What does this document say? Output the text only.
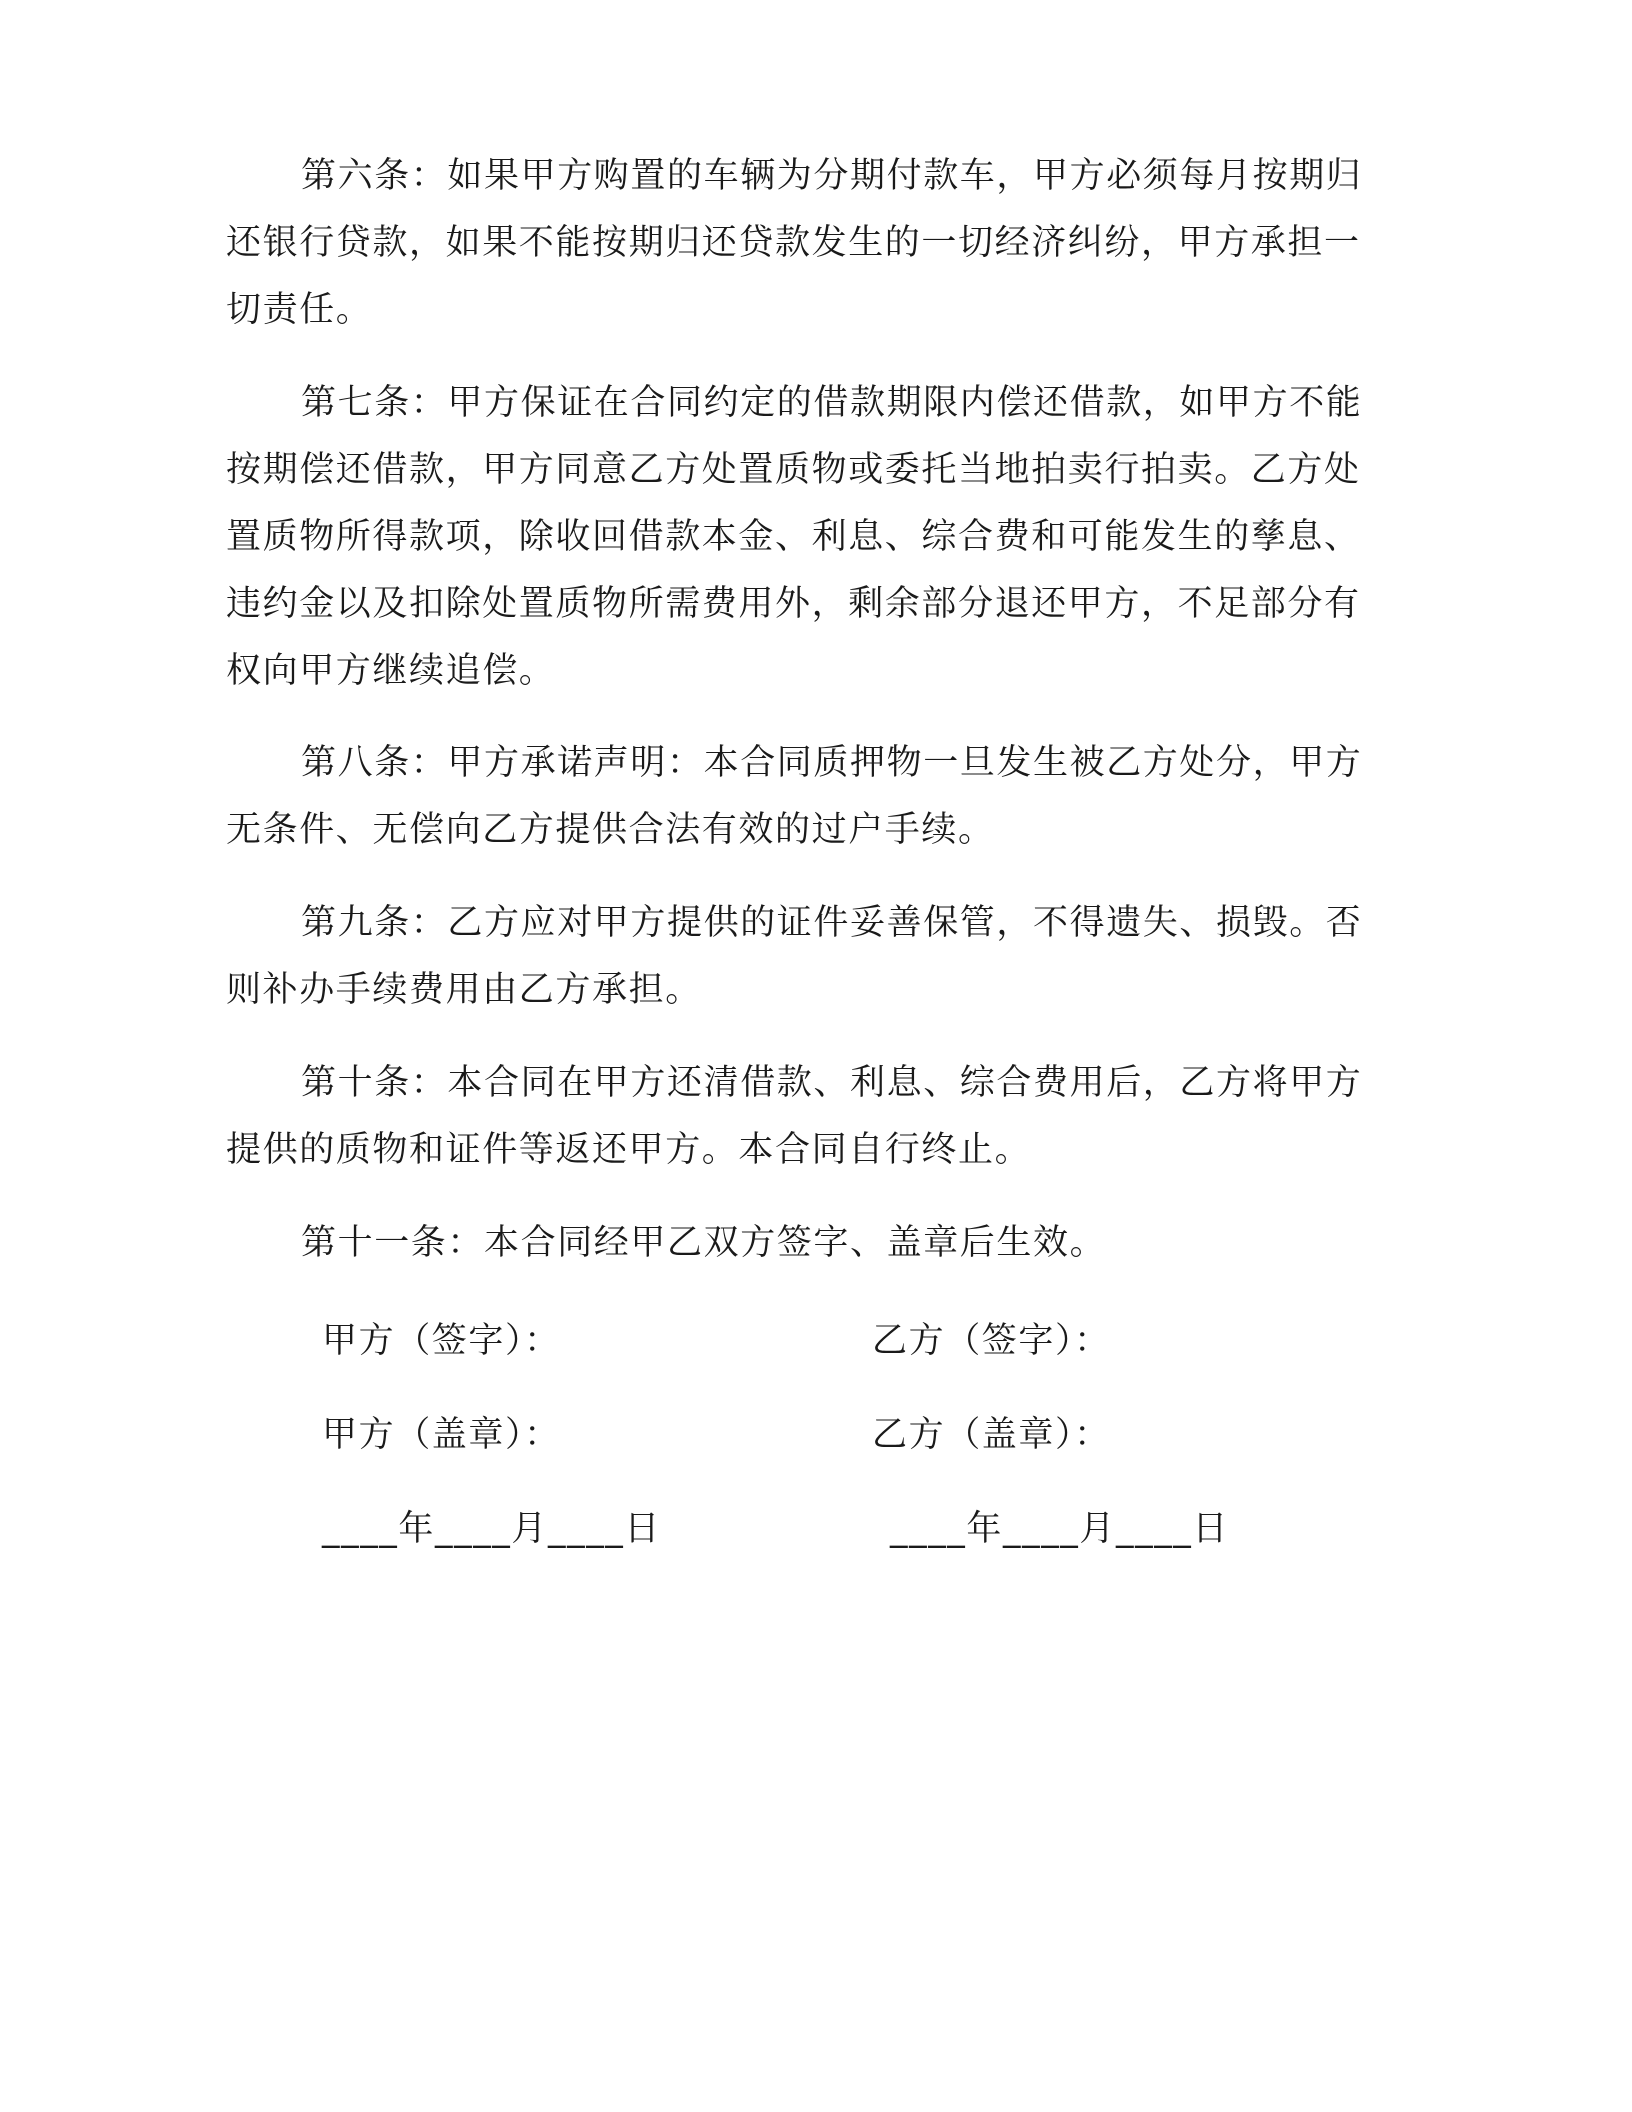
第六条：如果甲方购置的车辆为分期付款车，甲方必须每月按期归
还银行贷款，如果不能按期归还贷款发生的一切经济纠纷，甲方承担一
切责任。
第七条：甲方保证在合同约定的借款期限内偿还借款，如甲方不能
按期偿还借款，甲方同意乙方处置质物或委托当地拍卖行拍卖。乙方处
置质物所得款项，除收回借款本金、利息、综合费和可能发生的孳息、
违约金以及扣除处置质物所需费用外，剩余部分退还甲方，不足部分有
权向甲方继续追偿。
第八条：甲方承诺声明：本合同质押物一旦发生被乙方处分，甲方
无条件、无偿向乙方提供合法有效的过户手续。
第九条：乙方应对甲方提供的证件妥善保管，不得遗失、损毁。否
则补办手续费用由乙方承担。
第十条：本合同在甲方还清借款、利息、综合费用后，乙方将甲方
提供的质物和证件等返还甲方。本合同自行终止。
第十一条：本合同经甲乙双方签字、盖章后生效。
甲方（签字）：	乙方（签字）：
甲方（盖章）：	乙方（盖章）：
____年____月____日	____年____月____日
